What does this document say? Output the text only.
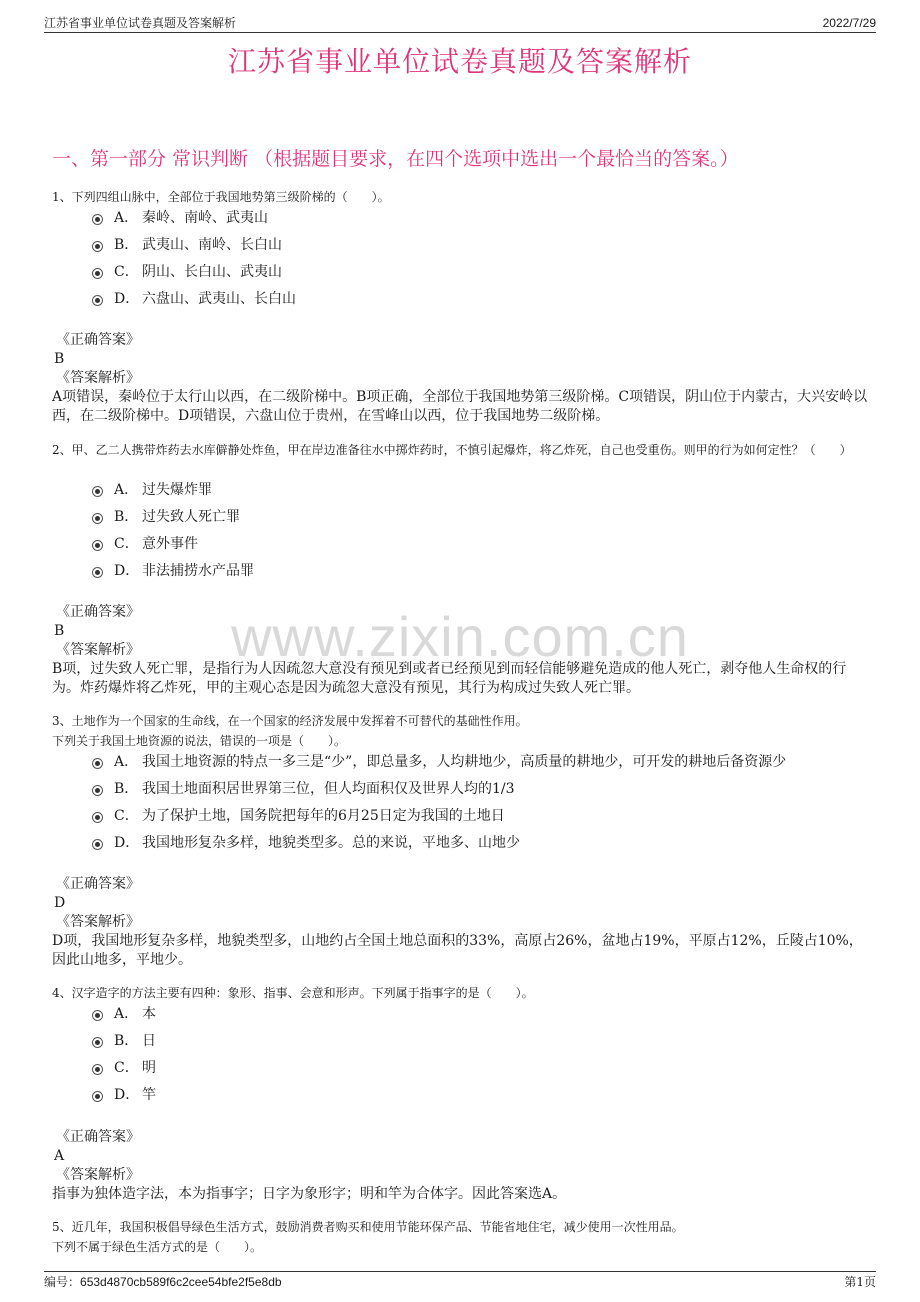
江苏省事业单位试卷真题及答案解析	2022/7/29
江苏省事业单位试卷真题及答案解析
一、第一部分 常识判断 （根据题目要求，在四个选项中选出一个最恰当的答案。）
www.zixin.com.cn
1、下列四组山脉中，全部位于我国地势第三级阶梯的（　　）。
A． 秦岭、南岭、武夷山
B． 武夷山、南岭、长白山
C． 阴山、长白山、武夷山
D． 六盘山、武夷山、长白山
《正确答案》
B
《答案解析》
A项错误，秦岭位于太行山以西，在二级阶梯中。B项正确，全部位于我国地势第三级阶梯。C项错误，阴山位于内蒙古，大兴安岭以西，在二级阶梯中。D项错误，六盘山位于贵州，在雪峰山以西，位于我国地势二级阶梯。
2、甲、乙二人携带炸药去水库僻静处炸鱼，甲在岸边准备往水中掷炸药时，不慎引起爆炸，将乙炸死，自己也受重伤。则甲的行为如何定性？（　　）
A． 过失爆炸罪
B． 过失致人死亡罪
C． 意外事件
D． 非法捕捞水产品罪
《正确答案》
B
《答案解析》
B项，过失致人死亡罪，是指行为人因疏忽大意没有预见到或者已经预见到而轻信能够避免造成的他人死亡，剥夺他人生命权的行为。炸药爆炸将乙炸死，甲的主观心态是因为疏忽大意没有预见，其行为构成过失致人死亡罪。
3、土地作为一个国家的生命线，在一个国家的经济发展中发挥着不可替代的基础性作用。
下列关于我国土地资源的说法，错误的一项是（　　）。
A． 我国土地资源的特点一多三是“少”，即总量多，人均耕地少，高质量的耕地少，可开发的耕地后备资源少
B． 我国土地面积居世界第三位，但人均面积仅及世界人均的1/3
C． 为了保护土地，国务院把每年的6月25日定为我国的土地日
D． 我国地形复杂多样，地貌类型多。总的来说，平地多、山地少
《正确答案》
D
《答案解析》
D项，我国地形复杂多样，地貌类型多，山地约占全国土地总面积的33%，高原占26%，盆地占19%，平原占12%，丘陵占10%，因此山地多，平地少。
4、汉字造字的方法主要有四种：象形、指事、会意和形声。下列属于指事字的是（　　）。
A． 本
B． 日
C． 明
D． 竿
《正确答案》
A
《答案解析》
指事为独体造字法，本为指事字；日字为象形字；明和竿为合体字。因此答案选A。
5、近几年，我国积极倡导绿色生活方式，鼓励消费者购买和使用节能环保产品、节能省地住宅，减少使用一次性用品。
下列不属于绿色生活方式的是（　　）。
编号：653d4870cb589f6c2cee54bfe2f5e8db	第1页
